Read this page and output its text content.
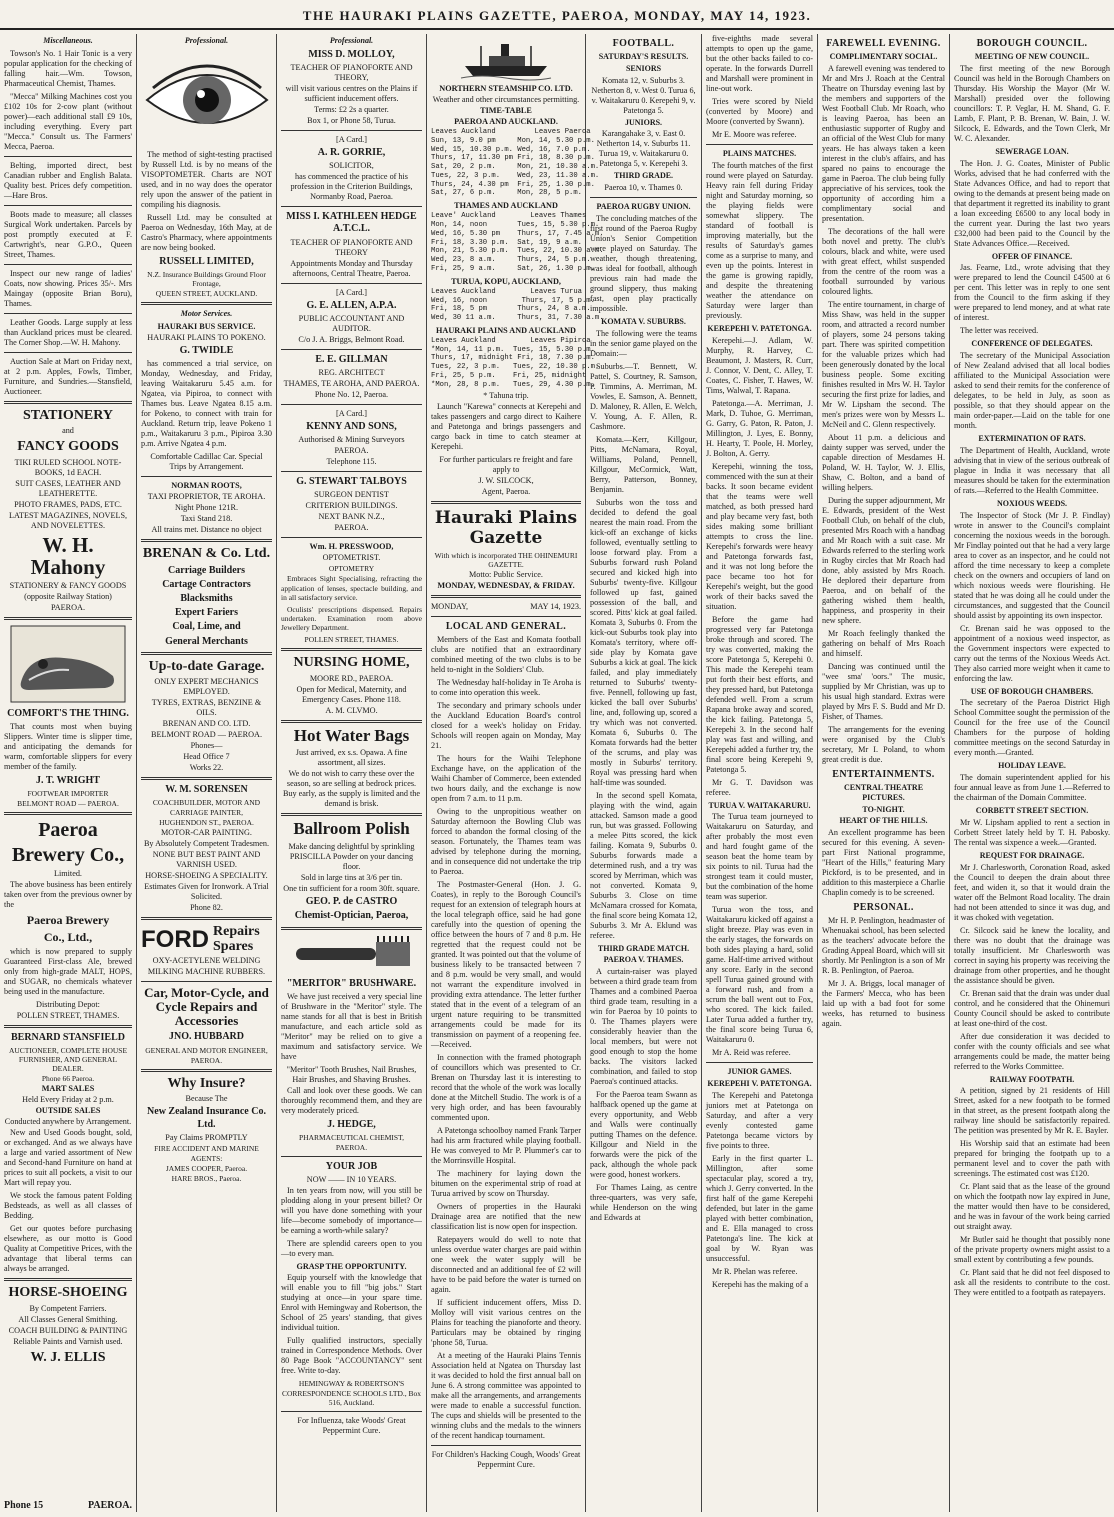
THE HAURAKI PLAINS GAZETTE, PAEROA, MONDAY, MAY 14, 1923.
Miscellaneous.
Towson's No. 1 Hair Tonic is a very popular application for the checking of falling hair.—Wm. Towson, Pharmaceutical Chemist, Thames.
"Mecca" Milking Machines cost you £102 10s for 2-cow plant (without power)—each additional stall £9 10s, including everything. Every part "Mecca." Consult us. The Farmers' Mecca, Paeroa.
Belting, imported direct, best Canadian rubber and English Balata. Quality best. Prices defy competition.—Hare Bros.
Boots made to measure; all classes Surgical Work undertaken. Parcels by post promptly executed at F. Cartwright's, near G.P.O., Queen Street, Thames.
Inspect our new range of ladies' Coats, now showing. Prices 35/-. Mrs Maingay (opposite Brian Boru), Thames.
Leather Goods. Large supply at less than Auckland prices must be cleared. The Corner Shop.—W. H. Mahony.
Auction Sale at Mart on Friday next, at 2 p.m. Apples, Fowls, Timber, Furniture, and Sundries.—Stansfield, Auctioneer.
STATIONERY
and
FANCY GOODS
TIKI RULED SCHOOL NOTE-BOOKS, 1d EACH.
SUIT CASES, LEATHER AND LEATHERETTE.
PHOTO FRAMES, PADS, ETC.
LATEST MAGAZINES, NOVELS, AND NOVELETTES.
W. H. Mahony
STATIONERY & FANCY GOODS
(opposite Railway Station)
PAEROA.
COMFORT'S THE THING.
That counts most when buying Slippers. Winter time is slipper time, and anticipating the demands for warm, comfortable slippers for every member of the family.
J. T. WRIGHT
FOOTWEAR IMPORTER
BELMONT ROAD — PAEROA.
Paeroa
Brewery Co.,
Limited.
The above business has been entirely taken over from the previous owner by the
Paeroa Brewery
Co., Ltd.,
which is now prepared to supply Guaranteed First-class Ale, brewed only from high-grade MALT, HOPS, and SUGAR, no chemicals whatever being used in the manufacture.
Distributing Depot:
POLLEN STREET, THAMES.
BERNARD STANSFIELD
AUCTIONEER, COMPLETE HOUSE FURNISHER, AND GENERAL DEALER.
Phone 66 Paeroa.
MART SALES
Held Every Friday at 2 p.m.
OUTSIDE SALES
Conducted anywhere by Arrangement.
New and Used Goods bought, sold, or exchanged. And as we always have a large and varied assortment of New and Second-hand Furniture on hand at prices to suit all pockets, a visit to our Mart will repay you.
We stock the famous patent Folding Bedsteads, as well as all classes of Bedding.
Get our quotes before purchasing elsewhere, as our motto is Good Quality at Competitive Prices, with the advantage that liberal terms can always be arranged.
HORSE-SHOEING
By Competent Farriers.
All Classes General Smithing.
COACH BUILDING & PAINTING
Reliable Paints and Varnish used.
W. J. ELLIS
Phone 15	PAEROA.
Professional.
The method of sight-testing practised by Russell Ltd. is by no means of the VISOPTOMETER. Charts are NOT used, and in no way does the operator rely upon the answer of the patient in compiling his diagnosis.
Russell Ltd. may be consulted at Paeroa on Wednesday, 16th May, at de Castro's Pharmacy, where appointments are now being booked.
RUSSELL LIMITED,
N.Z. Insurance Buildings Ground Floor Frontage,
QUEEN STREET, AUCKLAND.
Motor Services.
HAURAKI BUS SERVICE.
HAURAKI PLAINS TO POKENO.
G. TWIDLE
has commenced a trial service, on Monday, Wednesday, and Friday, leaving Waitakaruru 5.45 a.m. for Ngatea, via Pipiroa, to connect with Thames bus. Leave Ngatea 8.15 a.m. for Pokeno, to connect with train for Auckland. Return trip, leave Pokeno 1 p.m., Waitakaruru 3 p.m., Pipiroa 3.30 p.m. Arrive Ngatea 4 p.m.
Comfortable Cadillac Car. Special Trips by Arrangement.
NORMAN ROOTS,
TAXI PROPRIETOR, TE AROHA.
Night Phone 121R.
Taxi Stand 218.
All trains met. Distance no object
BRENAN & Co. Ltd.
Carriage Builders
Cartage Contractors
Blacksmiths
Expert Fariers
Coal, Lime, and
General Merchants
Up-to-date Garage.
ONLY EXPERT MECHANICS EMPLOYED.
TYRES, EXTRAS, BENZINE & OILS.
BRENAN AND CO. LTD.
BELMONT ROAD — PAEROA.
Phones—
Head Office 7
Works 22.
W. M. SORENSEN
COACHBUILDER, MOTOR AND CARRIAGE PAINTER,
HUGHENDON ST., PAEROA.
MOTOR-CAR PAINTING.
By Absolutely Competent Tradesmen.
NONE BUT BEST PAINT AND VARNISH USED.
HORSE-SHOEING A SPECIALITY.
Estimates Given for Ironwork. A Trial Solicited.
Phone 82.
FORD Repairs Spares
OXY-ACETYLENE WELDING
MILKING MACHINE RUBBERS.
Car, Motor-Cycle, and Cycle Repairs and Accessories
JNO. HUBBARD
GENERAL AND MOTOR ENGINEER,
PAEROA.
Why Insure?
Because The
New Zealand Insurance Co. Ltd.
Pay Claims PROMPTLY
FIRE ACCIDENT AND MARINE
AGENTS:
JAMES COOPER, Paeroa.
HARE BROS., Paeroa.
Professional.
MISS D. MOLLOY,
TEACHER OF PIANOFORTE AND THEORY,
will visit various centres on the Plains if sufficient inducement offers.
Terms: £2 2s a quarter.
Box 1, or Phone 58, Turua.
[A Card.]
A. R. GORRIE,
SOLICITOR,
has commenced the practice of his profession in the Criterion Buildings, Normanby Road, Paeroa.
MISS I. KATHLEEN HEDGE A.T.C.L.
TEACHER OF PIANOFORTE AND THEORY
Appointments Monday and Thursday afternoons, Central Theatre, Paeroa.
[A Card.]
G. E. ALLEN, A.P.A.
PUBLIC ACCOUNTANT AND AUDITOR.
C/o J. A. Briggs, Belmont Road.
E. E. GILLMAN
REG. ARCHITECT
THAMES, TE AROHA, AND PAEROA.
Phone No. 12, Paeroa.
[A Card.]
KENNY AND SONS,
Authorised & Mining Surveyors
PAEROA.
Telephone 115.
G. STEWART TALBOYS
SURGEON DENTIST
CRITERION BUILDINGS.
NEXT BANK N.Z.,
PAEROA.
Wm. H. PRESSWOOD,
OPTOMETRIST.
OPTOMETRY
Embraces Sight Specialising, refracting the application of lenses, spectacle building, and in all satisfactory service.
Oculists' prescriptions dispensed. Repairs undertaken. Examination room above Jewellery Department.
POLLEN STREET, THAMES.
NURSING HOME,
MOORE RD., PAEROA.
Open for Medical, Maternity, and Emergency Cases. Phone 118.
A. M. CLVMO.
Hot Water Bags
Just arrived, ex s.s. Opawa. A fine assortment, all sizes.
We do not wish to carry these over the season, so are selling at bedrock prices. Buy early, as the supply is limited and the demand is brisk.
Ballroom Polish
Make dancing delightful by sprinkling PRISCILLA Powder on your dancing floor.
Sold in large tins at 3/6 per tin.
One tin sufficient for a room 30ft. square.
GEO. P. de CASTRO
Chemist-Optician, Paeroa,
"MERITOR" BRUSHWARE.
We have just received a very special line of Brushware in the "Meritor" style. The name stands for all that is best in British manufacture, and each article sold as "Meritor" may be relied on to give a maximum and satisfactory service. We have
"Meritor" Tooth Brushes, Nail Brushes, Hair Brushes, and Shaving Brushes.
Call and look over these goods. We can thoroughly recommend them, and they are very moderately priced.
J. HEDGE,
PHARMACEUTICAL CHEMIST,
PAEROA.
YOUR JOB
NOW —— IN 10 YEARS.
In ten years from now, will you still be plodding along in your present billet? Or will you have done something with your life—become somebody of importance—be earning a worth-while salary?
There are splendid careers open to you—to every man.
GRASP THE OPPORTUNITY.
Equip yourself with the knowledge that will enable you to fill "big jobs." Start studying at once—in your spare time. Enrol with Hemingway and Robertson, the School of 25 years' standing, that gives individual tuition.
Fully qualified instructors, specially trained in Correspondence Methods. Over 80 Page Book "ACCOUNTANCY" sent free. Write to-day.
HEMINGWAY & ROBERTSON'S CORRESPONDENCE SCHOOLS LTD., Box 516, Auckland.
For Influenza, take Woods' Great Peppermint Cure.
NORTHERN STEAMSHIP CO. LTD.
Weather and other circumstances permitting.
TIME-TABLE
PAEROA AND AUCKLAND.
Leaves Auckland         Leaves Paeroa
Sun, 13, 9.0 pm     Mon, 14, 5.30 p.m.
Wed, 15, 10.30 p.m. Wed, 16, 7.0 p.m.
Thurs, 17, 11.30 pm Fri, 18, 8.30 p.m.
Sat, 20, 2 p.m.     Mon, 21, 10.30 a.m.
Tues, 22, 3 p.m.    Wed, 23, 11.30 a.m.
Thurs, 24, 4.30 pm  Fri, 25, 1.30 p.m.
Sat, 27, 6 p.m.     Mon, 28, 5 p.m.
THAMES AND AUCKLAND
Leave' Auckland        Leaves Thames
Mon, 14, noon       Tues, 15, 5.30 p.m.
Wed, 16, 5.30 pm    Thurs, 17, 7.45 a.m.
Fri, 18, 3.30 p.m.  Sat, 19, 9 a.m.
Mon, 21, 5.30 p.m.  Tues, 22, 10.30 a.m.
Wed, 23, 8 a.m.     Thurs, 24, 5 p.m.
Fri, 25, 9 a.m.     Sat, 26, 1.30 p.m.
TURUA, KOPU, AUCKLAND,
Leaves Auckland        Leaves Turua
Wed, 16, noon        Thurs, 17, 5 p.m.
Fri, 18, 5 pm       Thurs, 24, 8 a.m.
Wed, 30 11 a.m.     Thurs, 31, 7.30 a.m.
HAURAKI PLAINS AND AUCKLAND
Leaves Auckland        Leaves Pipiroa
*Mon, 14, 11 p.m.  Tues, 15, 5.30 p.m.
Thurs, 17, midnight Fri, 18, 7.30 p.m.
Tues, 22, 3 p.m.   Tues, 22, 10.30 p.m.
Fri, 25, 5 p.m.    Fri, 25, midnight
*Mon, 28, 8 p.m.   Tues, 29, 4.30 p.m.
* Tahuna trip.
Launch "Karewa" connects at Kerepehi and takes passengers and cargo direct to Kaihere and Patetonga and brings passengers and cargo back in time to catch steamer at Kerepehi.
For further particulars re freight and fare apply to
J. W. SILCOCK,
Agent, Paeroa.
Hauraki Plains Gazette
With which is incorporated THE OHINEMURI GAZETTE.
Motto: Public Service.
MONDAY, WEDNESDAY, & FRIDAY.
MONDAY,	MAY 14, 1923.
LOCAL AND GENERAL.
Members of the East and Komata football clubs are notified that an extraordinary combined meeting of the two clubs is to be held to-night in the Soldiers' Club.
The Wednesday half-holiday in Te Aroha is to come into operation this week.
The secondary and primary schools under the Auckland Education Board's control closed for a week's holiday on Friday. Schools will reopen again on Monday, May 21.
The hours for the Waihi Telephone Exchange have, on the application of the Waihi Chamber of Commerce, been extended two hours daily, and the exchange is now open from 7 a.m. to 11 p.m.
Owing to the unpropitious weather on Saturday afternoon the Bowling Club was forced to abandon the formal closing of the season. Fortunately, the Thames team was advised by telephone during the morning, and in consequence did not undertake the trip to Paeroa.
The Postmaster-General (Hon. J. G. Coates), in reply to the Borough Council's request for an extension of telegraph hours at the local telegraph office, said he had gone carefully into the question of opening the office between the hours of 7 and 8 p.m. He regretted that the request could not be granted. It was pointed out that the volume of business likely to be transacted between 7 and 8 p.m. would be very small, and would not warrant the expenditure involved in providing extra attendance. The letter further stated that in the event of a telegram of an urgent nature requiring to be transmitted arrangements could be made for its transmission on payment of a reopening fee.—Received.
In connection with the framed photograph of councillors which was presented to Cr. Brenan on Thursday last it is interesting to record that the whole of the work was locally done at the Mitchell Studio. The work is of a very high order, and has been favourably commented upon.
A Patetonga schoolboy named Frank Tarper had his arm fractured while playing football. He was conveyed to Mr P. Plummer's car to the Morrinsville Hospital.
The machinery for laying down the bitumen on the experimental strip of road at Turua arrived by scow on Thursday.
Owners of properties in the Hauraki Drainage area are notified that the new classification list is now open for inspection.
Ratepayers would do well to note that unless overdue water charges are paid within one week the water supply will be disconnected and an additional fee of £2 will have to be paid before the water is turned on again.
If sufficient inducement offers, Miss D. Molloy will visit various centres on the Plains for teaching the pianoforte and theory. Particulars may be obtained by ringing 'phone 58, Turua.
At a meeting of the Hauraki Plains Tennis Association held at Ngatea on Thursday last it was decided to hold the first annual ball on June 6. A strong committee was appointed to make all the arrangements, and arrangements were made to enable a successful function. The cups and shields will be presented to the winning clubs and the medals to the winners of the recent handicap tournament.
For Children's Hacking Cough, Woods' Great Peppermint Cure.
FOOTBALL.
SATURDAY'S RESULTS.
SENIORS
Komata 12, v. Suburbs 3. Netherton 8, v. West 0. Turua 6, v. Waitakaruru 0. Kerepehi 9, v. Patetonga 5.
JUNIORS.
Karangahake 3, v. East 0. Netherton 14, v. Suburbs 11. Turua 19, v. Waitakaruru 0. Patetonga 5, v. Kerepehi 3.
THIRD GRADE.
Paeroa 10, v. Thames 0.
PAEROA RUGBY UNION.
The concluding matches of the first round of the Paeroa Rugby Union's Senior Competition were played on Saturday. The weather, though threatening, was ideal for football, although previous rain had made the ground slippery, thus making fast, open play practically impossible.
KOMATA V. SUBURBS.
The following were the teams in the senior game played on the Domain:—
Suburbs.—T. Bennett, W. Pattel, S. Courtney, R. Samson, P. Timmins, A. Merriman, M. Vowles, E. Samson, A. Bennett, D. Maloney, R. Allen, E. Welch, V. Young, A. F. Allen, R. Cashmore.
Komata.—Kerr, Killgour, Pitts, McNamara, Royal, Williams, Poland, Pennell, Killgour, McCormick, Watt, Berry, Patterson, Bonney, Benjamin.
Suburbs won the toss and decided to defend the goal nearest the main road. From the kick-off an exchange of kicks followed, eventually settling to loose forward play. From a Suburbs forward rush Poland secured and kicked high into Suburbs' twenty-five. Killgour followed up fast, gained possession of the ball, and scored. Pitts' kick at goal failed. Komata 3, Suburbs 0. From the kick-out Suburbs took play into Komata's territory, where off-side play by Komata gave Suburbs a kick at goal. The kick failed, and play immediately returned to Suburbs' twenty-five. Pennell, following up fast, kicked the ball over Suburbs' line, and, following up, scored a try which was not converted. Komata 6, Suburbs 0. The Komata forwards had the better of the scrums, and play was mostly in Suburbs' territory. Royal was pressing hard when half-time was sounded.
In the second spell Komata, playing with the wind, again attacked. Samson made a good run, but was grassed. Following a melee Pitts scored, the kick failing. Komata 9, Suburbs 0. Suburbs forwards made a determined rush, and a try was scored by Merriman, which was not converted. Komata 9, Suburbs 3. Close on time McNamara crossed for Komata, the final score being Komata 12, Suburbs 3. Mr A. Eklund was referee.
THIRD GRADE MATCH.
PAEROA V. THAMES.
A curtain-raiser was played between a third grade team from Thames and a combined Paeroa third grade team, resulting in a win for Paeroa by 10 points to 0. The Thames players were considerably heavier than the local members, but were not good enough to stop the home backs. The visitors lacked combination, and failed to stop Paeroa's continued attacks.
For the Paeroa team Swann as halfback opened up the game at every opportunity, and Webb and Walls were continually putting Thames on the defence. Killgour and Nield in the forwards were the pick of the pack, although the whole pack were good, honest workers.
For Thames Laing, as centre three-quarters, was very safe, while Henderson on the wing and Edwards at
five-eighths made several attempts to open up the game, but the other backs failed to co-operate. In the forwards Durrell and Marshall were prominent in line-out work.
Tries were scored by Nield (converted by Moore) and Moore (converted by Swann).
Mr E. Moore was referee.
PLAINS MATCHES.
The fourth matches of the first round were played on Saturday. Heavy rain fell during Friday night and Saturday morning, so the playing fields were somewhat slippery. The standard of football is improving materially, but the results of Saturday's games come as a surprise to many, and even up the points. Interest in the game is growing rapidly, and despite the threatening weather the attendance on Saturday were larger than previously.
KEREPEHI V. PATETONGA.
Kerepehi.—J. Adlam, W. Murphy, R. Harvey, C. Beaumont, J. Masters, R. Curr, J. Connor, V. Dent, C. Alley, T. Coates, C. Fisher, T. Hawes, W. Tims, Walwal, T. Rapana.
Patetonga.—A. Merriman, J. Mark, D. Tuhoe, G. Merriman, G. Garry, G. Paton, R. Paton, J. Millington, J. Lyes, E. Bonny, H. Hearty, T. Poole, H. Morley, J. Bolton, A. Gerry.
Kerepehi, winning the toss, commenced with the sun at their backs. It soon became evident that the teams were well matched, as both pressed hard and play became very fast, both sides making some brilliant attempts to cross the line. Kerepehi's forwards were heavy and Patetonga forwards fast, and it was not long before the pace became too hot for Kerepehi's weight, but the good work of their backs saved the situation.
Before the game had progressed very far Patetonga broke through and scored. The try was converted, making the score Patetonga 5, Kerepehi 0. This made the Kerepehi team put forth their best efforts, and they pressed hard, but Patetonga defended well. From a scrum Rapana broke away and scored, the kick failing. Patetonga 5, Kerepehi 3. In the second half play was fast and willing, and Kerepehi added a further try, the final score being Kerepehi 9, Patetonga 5.
Mr G. T. Davidson was referee.
TURUA V. WAITAKARURU.
The Turua team journeyed to Waitakaruru on Saturday, and after probably the most even and hard fought game of the season beat the home team by six points to nil. Turua had the strongest team it could muster, but the combination of the home team was superior.
Turua won the toss, and Waitakaruru kicked off against a slight breeze. Play was even in the early stages, the forwards on both sides playing a hard, solid game. Half-time arrived without any score. Early in the second spell Turua gained ground with a forward rush, and from a scrum the ball went out to Fox, who scored. The kick failed. Later Turua added a further try, the final score being Turua 6, Waitakaruru 0.
Mr A. Reid was referee.
JUNIOR GAMES.
KEREPEHI V. PATETONGA.
The Kerepehi and Patetonga juniors met at Patetonga on Saturday, and after a very evenly contested game Patetonga became victors by five points to three.
Early in the first quarter L. Millington, after some spectacular play, scored a try, which J. Gerry converted. In the first half of the game Kerepehi defended, but later in the game played with better combination, and E. Ella managed to cross Patetonga's line. The kick at goal by W. Ryan was unsuccessful.
Mr R. Phelan was referee.
Kerepehi has the making of a
BOROUGH COUNCIL.
MEETING OF NEW COUNCIL.
The first meeting of the new Borough Council was held in the Borough Chambers on Thursday. His Worship the Mayor (Mr W. Marshall) presided over the following councillors: T. P. Veglar, H. M. Shand, G. F. Lamb, F. Plant, P. B. Brenan, W. Bain, J. W. Silcock, E. Edwards, and the Town Clerk, Mr W. C. Alexander.
SEWERAGE LOAN.
The Hon. J. G. Coates, Minister of Public Works, advised that he had conferred with the State Advances Office, and had to report that owing to the demands at present being made on that department it regretted its inability to grant a loan exceeding £6500 to any local body in the current year. During the last two years £32,000 had been paid to the Council by the State Advances Office.—Received.
OFFER OF FINANCE.
Jas. Fearne, Ltd., wrote advising that they were prepared to lend the Council £4500 at 6 per cent. This letter was in reply to one sent from the Council to the firm asking if they were prepared to lend money, and at what rate of interest.
The letter was received.
CONFERENCE OF DELEGATES.
The secretary of the Municipal Association of New Zealand advised that all local bodies affiliated to the Municipal Association were asked to send their remits for the conference of delegates, to be held in July, as soon as possible, so that they should appear on the main order-paper.—Laid on the table for one month.
EXTERMINATION OF RATS.
The Department of Health, Auckland, wrote advising that in view of the serious outbreak of plague in India it was necessary that all measures should be taken for the extermination of rats.—Referred to the Health Committee.
NOXIOUS WEEDS.
The Inspector of Stock (Mr J. P. Findlay) wrote in answer to the Council's complaint concerning the noxious weeds in the borough. Mr Findlay pointed out that he had a very large area to cover as an inspector, and he could not afford the time necessary to keep a complete check on the owners and occupiers of land on which noxious weeds were flourishing. He stated that he was doing all he could under the circumstances, and suggested that the Council should assist by appointing its own inspector.
Cr. Brenan said he was opposed to the appointment of a noxious weed inspector, as the Government inspectors were expected to carry out the terms of the Noxious Weeds Act. They also carried more weight when it came to enforcing the law.
USE OF BOROUGH CHAMBERS.
The secretary of the Paeroa District High School Committee sought the permission of the Council for the free use of the Council Chambers for the purpose of holding committee meetings on the second Saturday in every month.—Granted.
HOLIDAY LEAVE.
The domain superintendent applied for his four annual leave as from June 1.—Referred to the chairman of the Domain Committee.
CORBETT STREET SECTION.
Mr W. Lipsham applied to rent a section in Corbett Street lately held by T. H. Pabosky. The rental was sixpence a week.—Granted.
REQUEST FOR DRAINAGE.
Mr J. Charlesworth, Coronation Road, asked the Council to deepen the drain about three feet, and widen it, so that it would drain the water off the Belmont Road locality. The drain had not been attended to since it was dug, and it was choked with vegetation.
Cr. Silcock said he knew the locality, and there was no doubt that the drainage was totally insufficient. Mr Charlesworth was correct in saying his property was receiving the drainage from other properties, and he thought the assistance should be given.
Cr. Brenan said that the drain was under dual control, and he considered that the Ohinemuri County Council should be asked to contribute at least one-third of the cost.
After due consideration it was decided to confer with the county officials and see what arrangements could be made, the matter being referred to the Works Committee.
RAILWAY FOOTPATH.
A petition, signed by 21 residents of Hill Street, asked for a new footpath to be formed in that street, as the present footpath along the railway line should be satisfactorily repaired. The petition was presented by Mr R. E. Bayler.
His Worship said that an estimate had been prepared for bringing the footpath up to a permanent level and to cover the path with screenings. The estimated cost was £120.
Cr. Plant said that as the lease of the ground on which the footpath now lay expired in June, the matter would then have to be considered, and he was in favour of the work being carried out straight away.
Mr Butler said he thought that possibly none of the private property owners might assist to a small extent by contributing a few pounds.
Cr. Plant said that he did not feel disposed to ask all the residents to contribute to the cost. They were entitled to a footpath as ratepayers.
FAREWELL EVENING.
COMPLIMENTARY SOCIAL.
A farewell evening was tendered to Mr and Mrs J. Roach at the Central Theatre on Thursday evening last by the members and supporters of the West Football Club. Mr Roach, who is leaving Paeroa, has been an enthusiastic supporter of Rugby and an official of the West Club for many years. He has always taken a keen interest in the club's affairs, and has spared no pains to encourage the game in Paeroa. The club being fully appreciative of his services, took the opportunity of according him a complimentary social and presentation.
The decorations of the hall were both novel and pretty. The club's colours, black and white, were used with great effect, whilst suspended from the centre of the room was a football surrounded by various coloured lights.
The entire tournament, in charge of Miss Shaw, was held in the supper room, and attracted a record number of players, some 24 persons taking part. There was spirited competition for the valuable prizes which had been generously donated by the local business people. Some exciting finishes resulted in Mrs W. H. Taylor securing the first prize for ladies, and Mr W. Lipsham the second. The men's prizes were won by Messrs L. McNeil and C. Glenn respectively.
About 11 p.m. a delicious and dainty supper was served, under the capable direction of Mesdames H. Poland, W. H. Taylor, W. J. Ellis, Shaw, C. Bolton, and a band of willing helpers.
During the supper adjournment, Mr E. Edwards, president of the West Football Club, on behalf of the club, presented Mrs Roach with a handbag and Mr Roach with a suit case. Mr Edwards referred to the sterling work in Rugby circles that Mr Roach had done, ably assisted by Mrs Roach. He deplored their departure from Paeroa, and on behalf of the gathering wished them health, happiness, and prosperity in their new sphere.
Mr Roach feelingly thanked the gathering on behalf of Mrs Roach and himself.
Dancing was continued until the "wee sma' 'oors." The music, supplied by Mr Christian, was up to his usual high standard. Extras were played by Mrs F. S. Budd and Mr D. Fisher, of Thames.
The arrangements for the evening were organised by the Club's secretary, Mr I. Poland, to whom great credit is due.
ENTERTAINMENTS.
CENTRAL THEATRE PICTURES.
TO-NIGHT.
HEART OF THE HILLS.
An excellent programme has been secured for this evening. A seven-part First National programme, "Heart of the Hills," featuring Mary Pickford, is to be presented, and in addition to this masterpiece a Charlie Chaplin comedy is to be screened.
PERSONAL.
Mr H. P. Penlington, headmaster of Whenuakai school, has been selected as the teachers' advocate before the Grading Appeal Board, which will sit shortly. Mr Penlington is a son of Mr R. B. Penlington, of Paeroa.
Mr J. A. Briggs, local manager of the Farmers' Mecca, who has been laid up with a bad foot for some weeks, has returned to business again.
